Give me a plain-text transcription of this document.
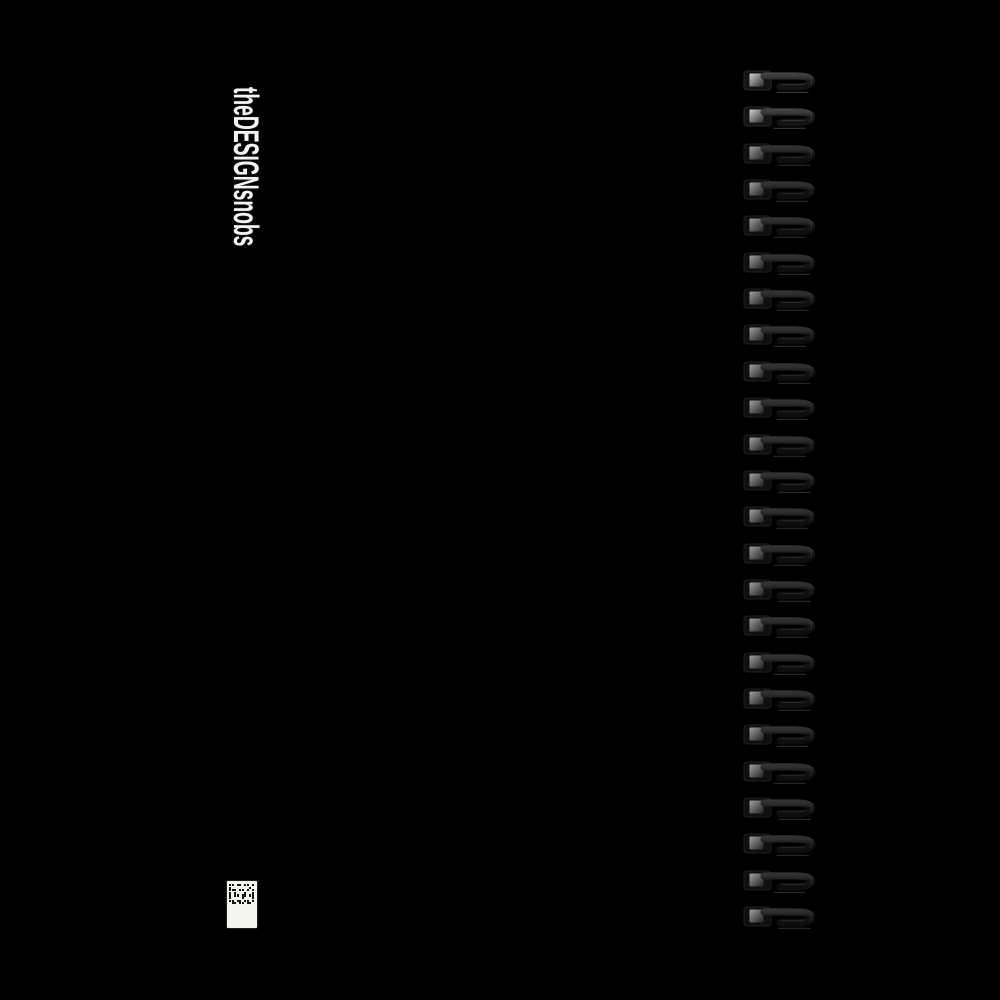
theDESIGNsnobs
